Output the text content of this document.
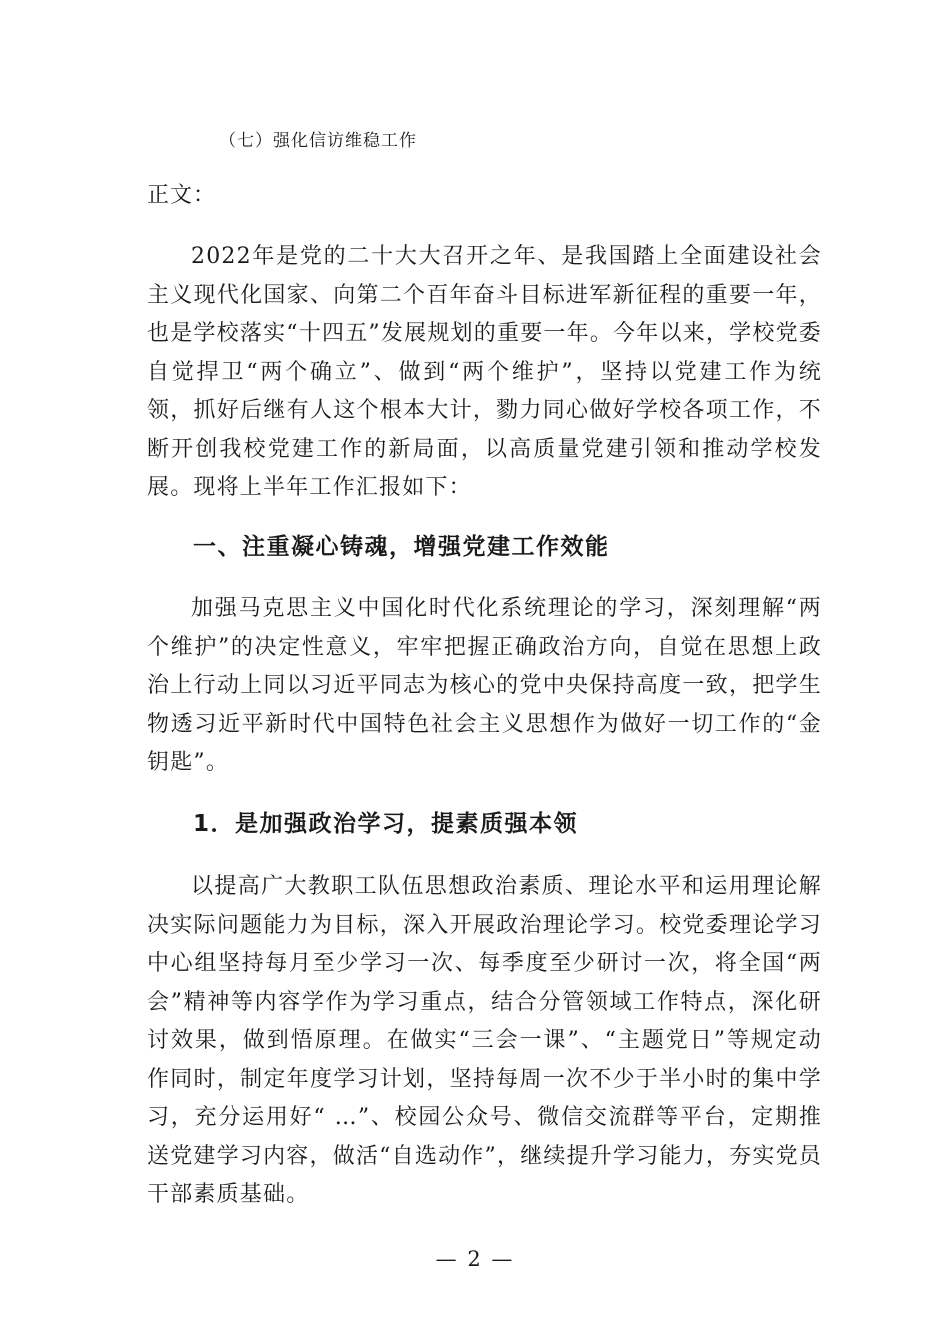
（七）强化信访维稳工作
正文：
2022年是党的二十大大召开之年、是我国踏上全面建设社会主义现代化国家、向第二个百年奋斗目标进军新征程的重要一年，也是学校落实“十四五”发展规划的重要一年。今年以来，学校党委自觉捍卫“两个确立”、做到“两个维护”，坚持以党建工作为统领，抓好后继有人这个根本大计，勠力同心做好学校各项工作，不断开创我校党建工作的新局面，以高质量党建引领和推动学校发展。现将上半年工作汇报如下：
一、注重凝心铸魂，增强党建工作效能
加强马克思主义中国化时代化系统理论的学习，深刻理解“两个维护”的决定性意义，牢牢把握正确政治方向，自觉在思想上政治上行动上同以习近平同志为核心的党中央保持高度一致，把学生物透习近平新时代中国特色社会主义思想作为做好一切工作的“金钥匙”。
1．是加强政治学习，提素质强本领
以提高广大教职工队伍思想政治素质、理论水平和运用理论解决实际问题能力为目标，深入开展政治理论学习。校党委理论学习中心组坚持每月至少学习一次、每季度至少研讨一次，将全国“两会”精神等内容学作为学习重点，结合分管领域工作特点，深化研讨效果，做到悟原理。在做实“三会一课”、“主题党日”等规定动作同时，制定年度学习计划，坚持每周一次不少于半小时的集中学习，充分运用好“ …”、校园公众号、微信交流群等平台，定期推送党建学习内容，做活“自选动作”，继续提升学习能力，夯实党员干部素质基础。
— 2 —
